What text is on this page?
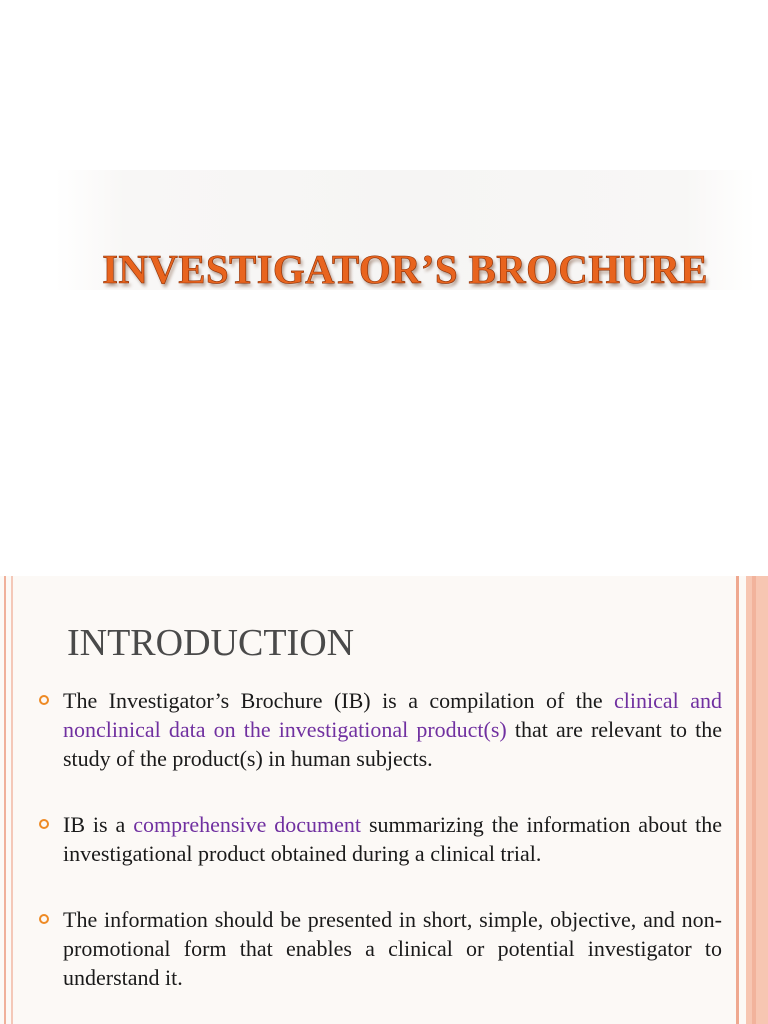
INVESTIGATOR’S BROCHURE
INTRODUCTION
The Investigator’s Brochure (IB) is a compilation of the clinical and nonclinical data on the investigational product(s) that are relevant to the study of the product(s) in human subjects.
IB is a comprehensive document summarizing the information about the investigational product obtained during a clinical trial.
The information should be presented in short, simple, objective, and non-promotional form that enables a clinical or potential investigator to understand it.
